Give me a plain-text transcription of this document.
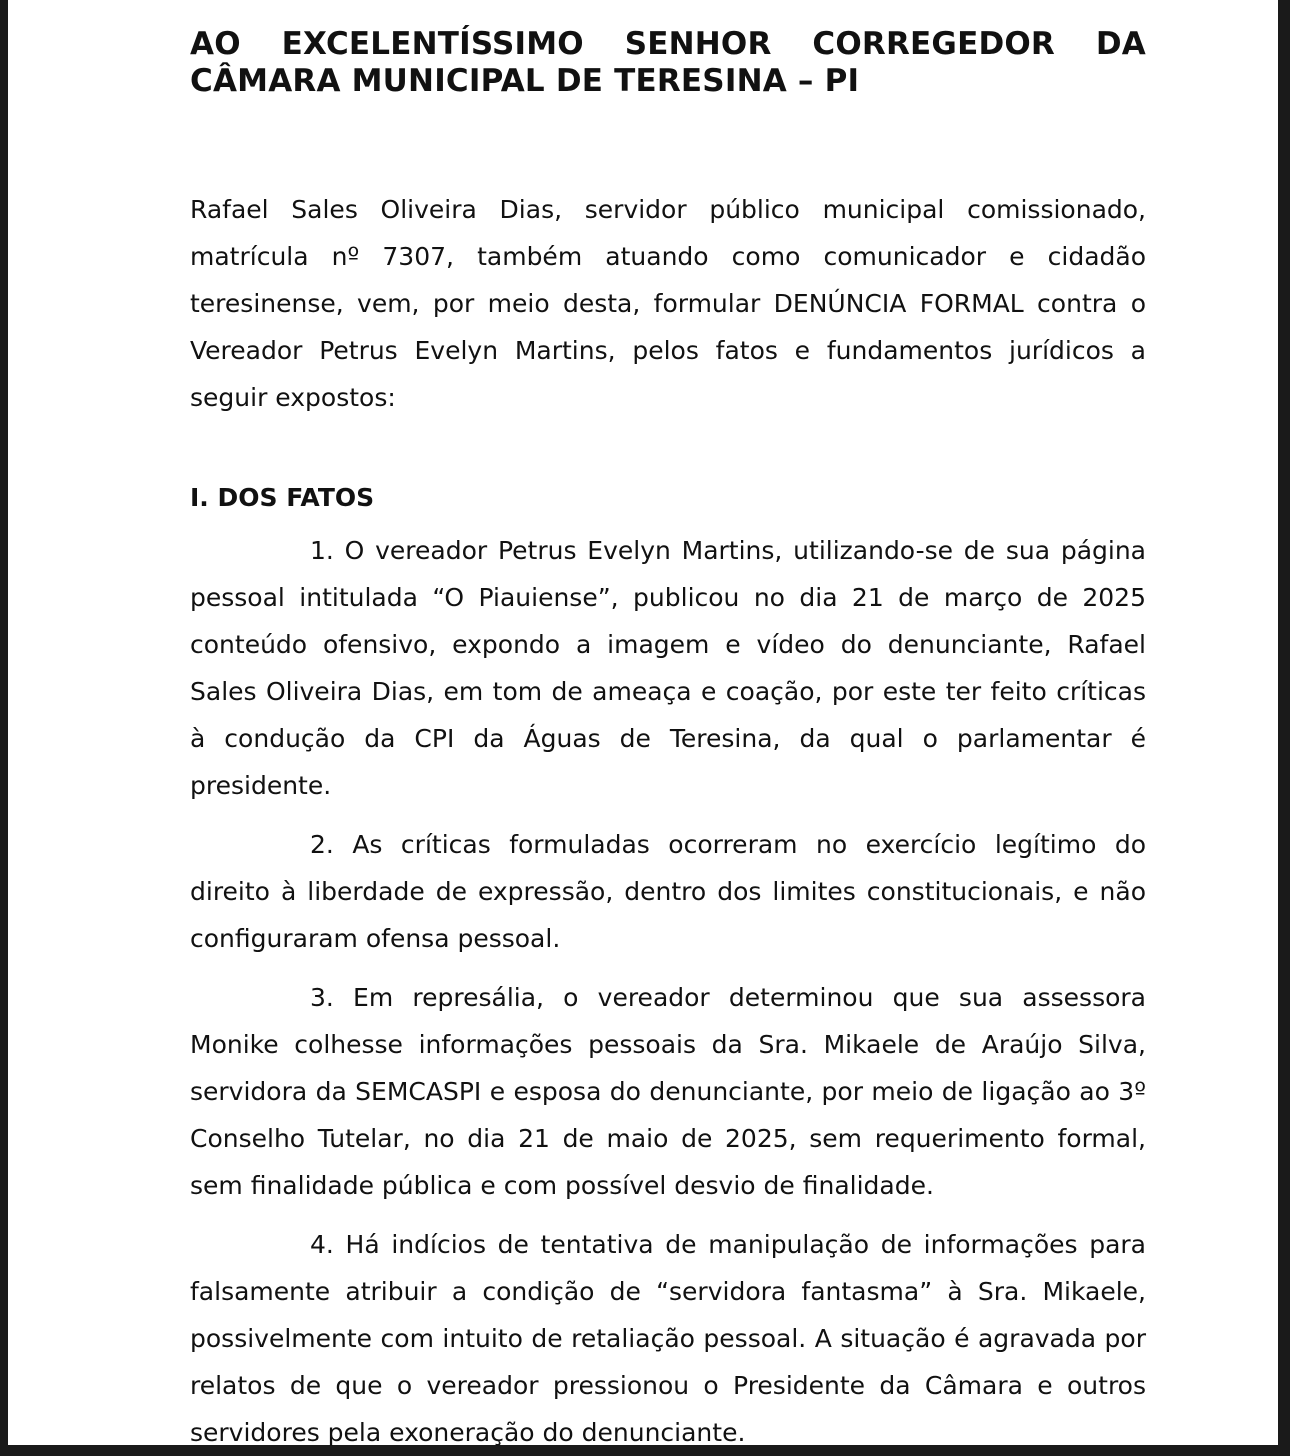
AO EXCELENTÍSSIMO SENHOR CORREGEDOR DA CÂMARA MUNICIPAL DE TERESINA – PI

Rafael Sales Oliveira Dias, servidor público municipal comissionado, matrícula nº 7307, também atuando como comunicador e cidadão teresinense, vem, por meio desta, formular DENÚNCIA FORMAL contra o Vereador Petrus Evelyn Martins, pelos fatos e fundamentos jurídicos a seguir expostos:

I. DOS FATOS

1. O vereador Petrus Evelyn Martins, utilizando-se de sua página pessoal intitulada “O Piauiense”, publicou no dia 21 de março de 2025 conteúdo ofensivo, expondo a imagem e vídeo do denunciante, Rafael Sales Oliveira Dias, em tom de ameaça e coação, por este ter feito críticas à condução da CPI da Águas de Teresina, da qual o parlamentar é presidente.

2. As críticas formuladas ocorreram no exercício legítimo do direito à liberdade de expressão, dentro dos limites constitucionais, e não configuraram ofensa pessoal.

3. Em represália, o vereador determinou que sua assessora Monike colhesse informações pessoais da Sra. Mikaele de Araújo Silva, servidora da SEMCASPI e esposa do denunciante, por meio de ligação ao 3º Conselho Tutelar, no dia 21 de maio de 2025, sem requerimento formal, sem finalidade pública e com possível desvio de finalidade.

4. Há indícios de tentativa de manipulação de informações para falsamente atribuir a condição de “servidora fantasma” à Sra. Mikaele, possivelmente com intuito de retaliação pessoal. A situação é agravada por relatos de que o vereador pressionou o Presidente da Câmara e outros servidores pela exoneração do denunciante.
